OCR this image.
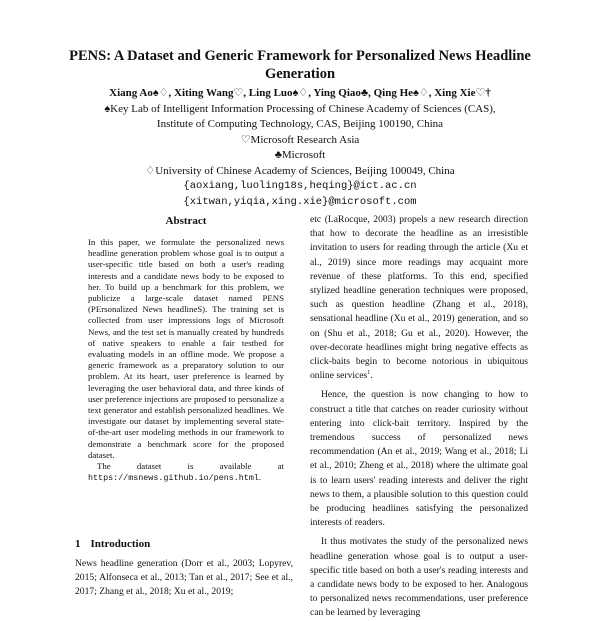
PENS: A Dataset and Generic Framework for Personalized News Headline Generation
Xiang Ao♠♢, Xiting Wang♡, Ling Luo♠♢, Ying Qiao♣, Qing He♠♢, Xing Xie♡†
♠Key Lab of Intelligent Information Processing of Chinese Academy of Sciences (CAS),
Institute of Computing Technology, CAS, Beijing 100190, China
♡Microsoft Research Asia
♣Microsoft
♢University of Chinese Academy of Sciences, Beijing 100049, China
{aoxiang,luoling18s,heqing}@ict.ac.cn
{xitwan,yiqia,xing.xie}@microsoft.com
Abstract

In this paper, we formulate the personalized news headline generation problem whose goal is to output a user-specific title based on both a user's reading interests and a candidate news body to be exposed to her. To build up a benchmark for this problem, we publicize a large-scale dataset named PENS (PErsonalized News headlineS). The training set is collected from user impressions logs of Microsoft News, and the test set is manually created by hundreds of native speakers to enable a fair testbed for evaluating models in an offline mode. We propose a generic framework as a preparatory solution to our problem. At its heart, user preference is learned by leveraging the user behavioral data, and three kinds of user preference injections are proposed to personalize a text generator and establish personalized headlines. We investigate our dataset by implementing several state-of-the-art user modeling methods in our framework to demonstrate a benchmark score for the proposed dataset.

The dataset is available at https://msnews.github.io/pens.html.

1 Introduction
News headline generation (Dorr et al., 2003; Lopyrev, 2015; Alfonseca et al., 2013; Tan et al., 2017; See et al., 2017; Zhang et al., 2018; Xu et al., 2019;

etc (LaRocque, 2003) propels a new research direction that how to decorate the headline as an irresistible invitation to users for reading through the article (Xu et al., 2019) since more readings may acquaint more revenue of these platforms. To this end, specified stylized headline generation techniques were proposed, such as question headline (Zhang et al., 2018), sensational headline (Xu et al., 2019) generation, and so on (Shu et al., 2018; Gu et al., 2020). However, the over-decorate headlines might bring negative effects as click-baits begin to become notorious in ubiquitous online services$^1$.

Hence, the question is now changing to how to construct a title that catches on reader curiosity without entering into click-bait territory. Inspired by the tremendous success of personalized news recommendation (An et al., 2019; Wang et al., 2018; Li et al., 2010; Zheng et al., 2018) where the ultimate goal is to learn users' reading interests and deliver the right news to them, a plausible solution to this question could be producing headlines satisfying the personalized interests of readers.

It thus motivates the study of the personalized news headline generation whose goal is to output a user-specific title based on both a user's reading interests and a candidate news body to be exposed to her. Analogous to personalized news recommendations, user preference can be learned by leveraging
